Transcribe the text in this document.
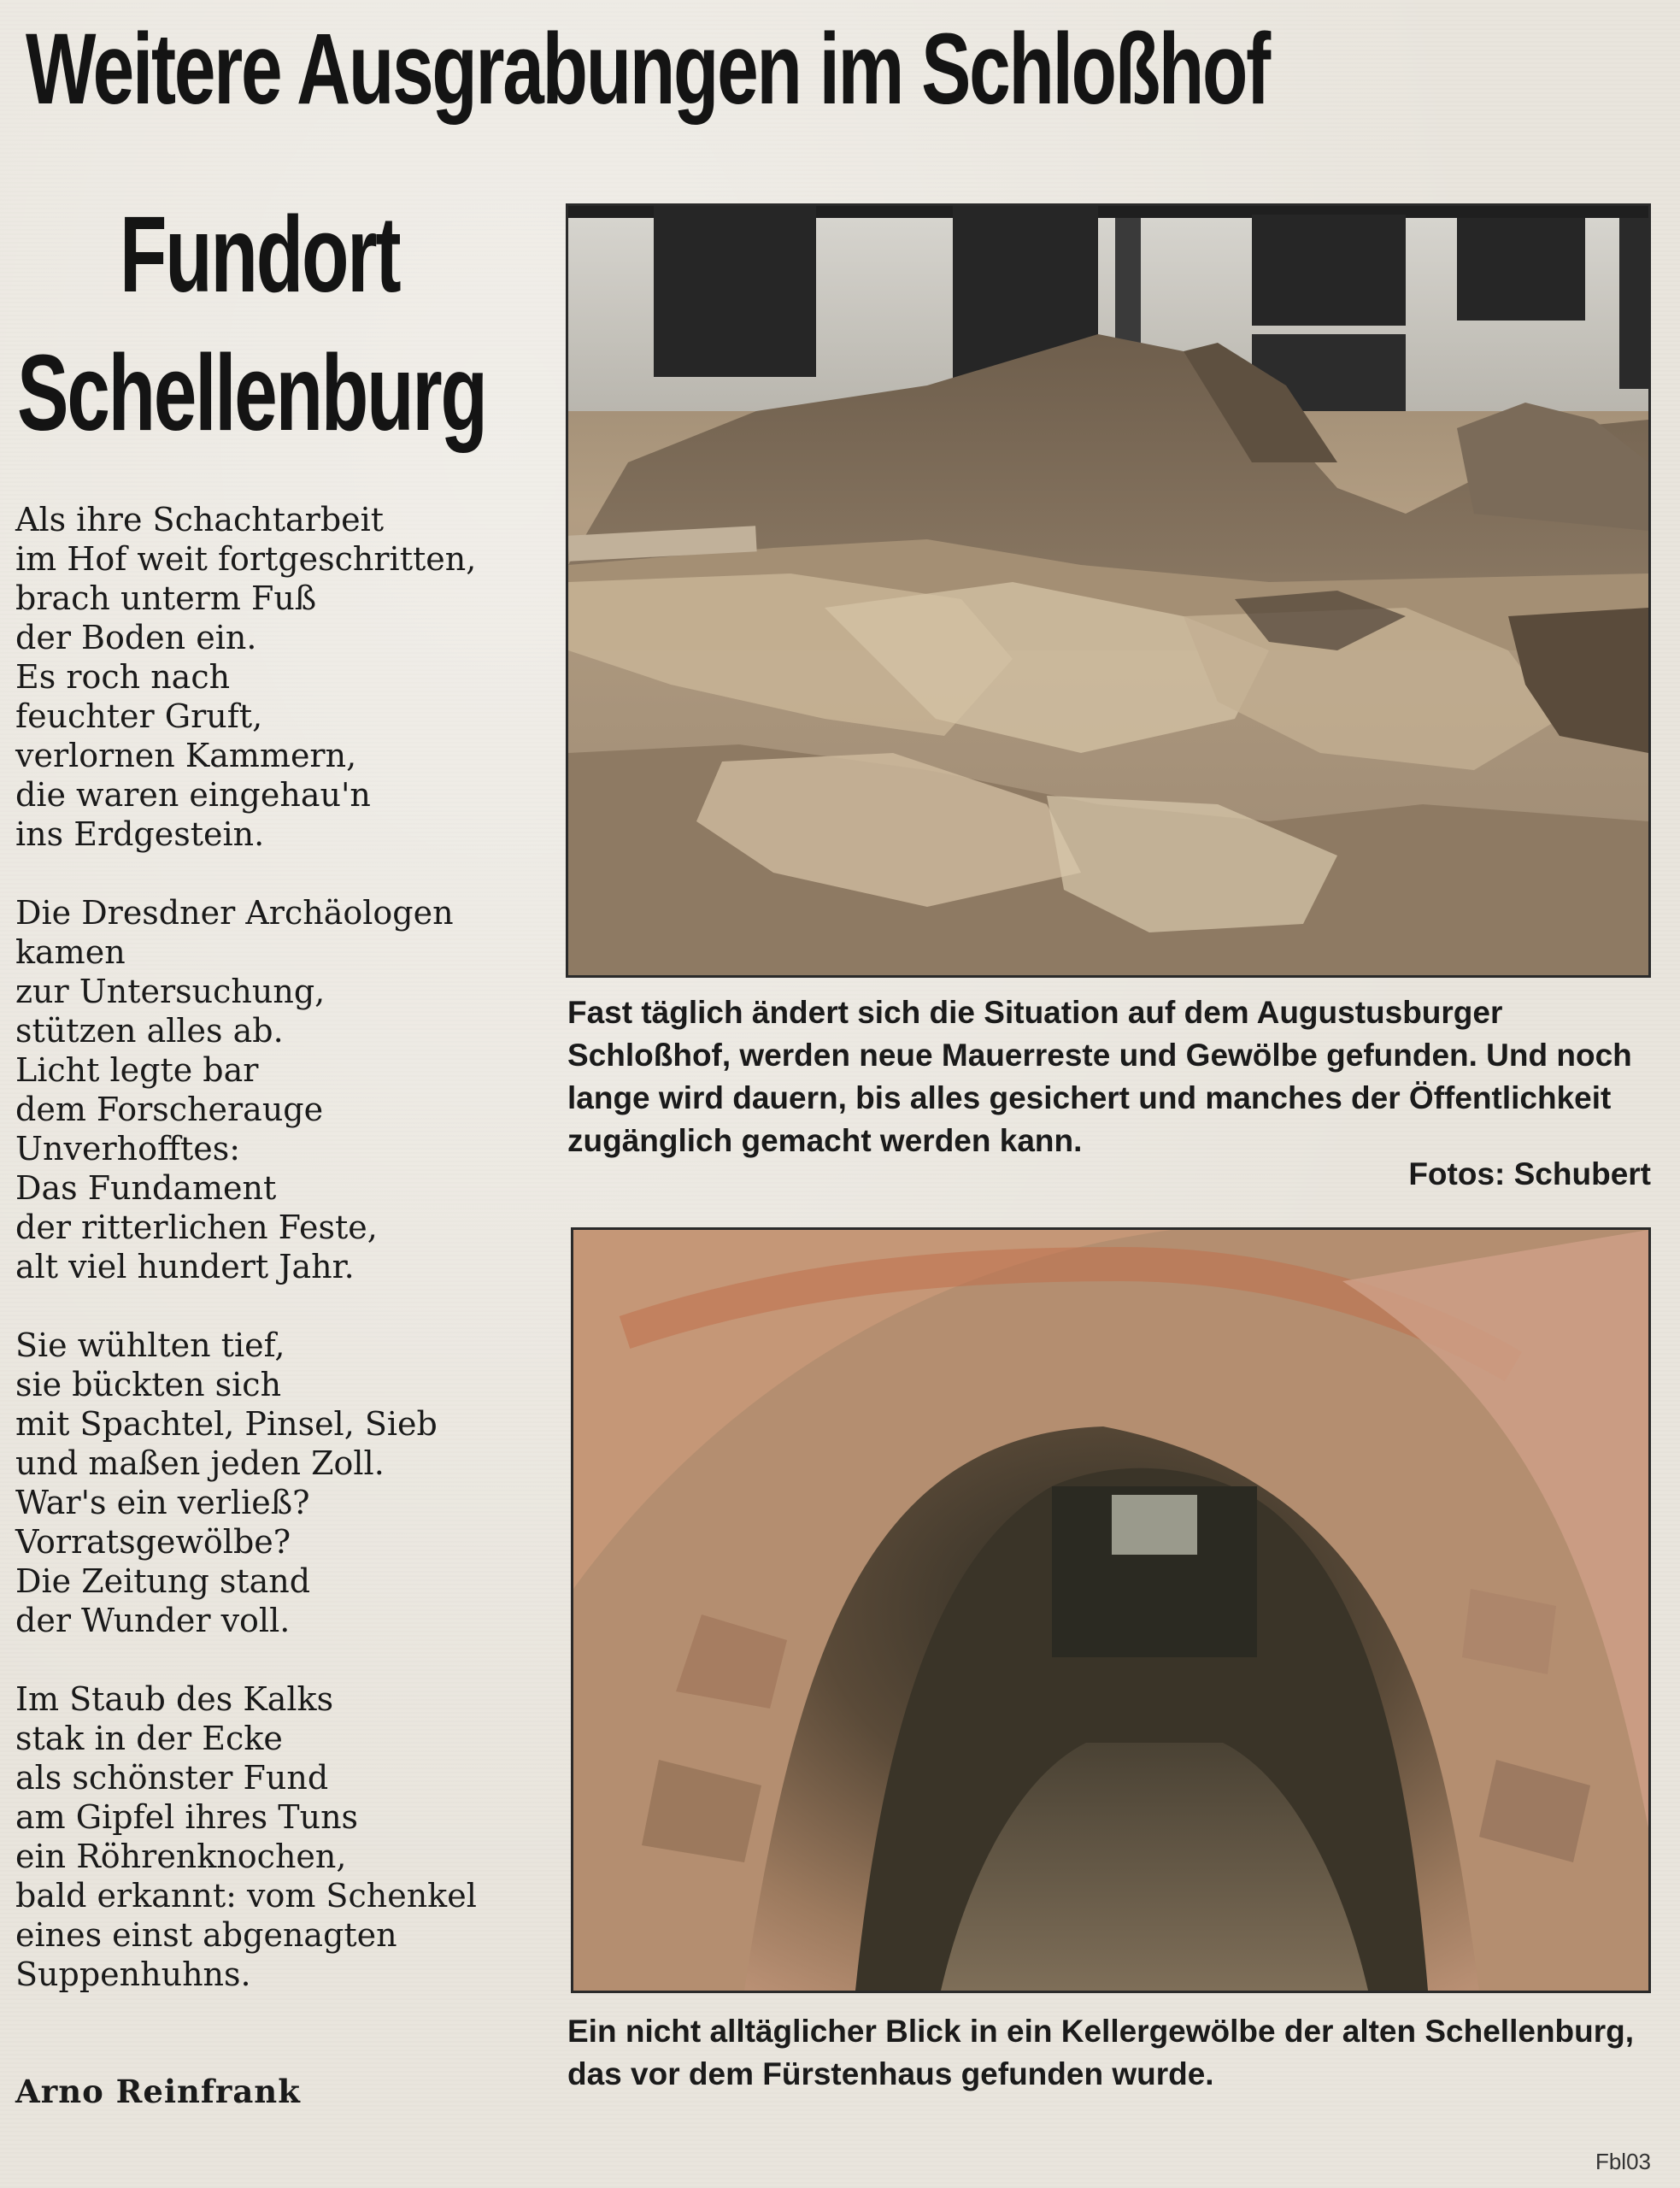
Weitere Ausgrabungen im Schloßhof
Fundort
Schellenburg
Als ihre Schachtarbeit
im Hof weit fortgeschritten,
brach unterm Fuß
der Boden ein.
Es roch nach
feuchter Gruft,
verlornen Kammern,
die waren eingehau'n
ins Erdgestein.
Die Dresdner Archäologen
kamen
zur Untersuchung,
stützen alles ab.
Licht legte bar
dem Forscherauge
Unverhofftes:
Das Fundament
der ritterlichen Feste,
alt viel hundert Jahr.
Sie wühlten tief,
sie bückten sich
mit Spachtel, Pinsel, Sieb
und maßen jeden Zoll.
War's ein verließ?
Vorratsgewölbe?
Die Zeitung stand
der Wunder voll.
Im Staub des Kalks
stak in der Ecke
als schönster Fund
am Gipfel ihres Tuns
ein Röhrenknochen,
bald erkannt: vom Schenkel
eines einst abgenagten
Suppenhuhns.
Arno Reinfrank
Fast täglich ändert sich die Situation auf dem Augustusburger Schloßhof, werden neue Mauerreste und Gewölbe gefunden. Und noch lange wird dauern, bis alles gesichert und manches der Öffentlichkeit zugänglich gemacht werden kann.
Fotos: Schubert
Ein nicht alltäglicher Blick in ein Kellergewölbe der alten Schellenburg, das vor dem Fürstenhaus gefunden wurde.
Fbl03
